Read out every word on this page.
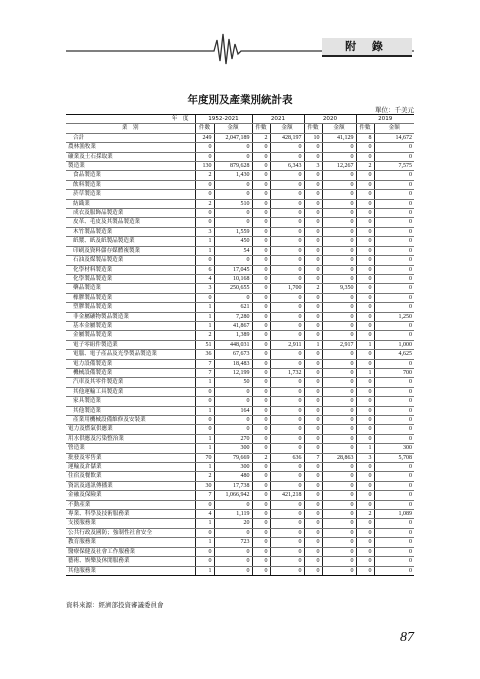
附 錄
年度別及產業別統計表
單位：千美元
年　度	1952-2021		2021		2020		2019	
業　別	件數	金額	件數	金額	件數	金額	件數	金額
合計	249	2,047,189	2	428,197	10	41,129	8	14,672
農林漁牧業	0	0	0	0	0	0	0	0
礦業及土石採取業	0	0	0	0	0	0	0	0
製造業	130	879,628	0	6,343	3	12,267	2	7,575
食品製造業	2	1,430	0	0	0	0	0	0
飲料製造業	0	0	0	0	0	0	0	0
菸草製造業	0	0	0	0	0	0	0	0
紡織業	2	510	0	0	0	0	0	0
成衣及服飾品製造業	0	0	0	0	0	0	0	0
皮革、毛皮及其製品製造業	0	0	0	0	0	0	0	0
木竹製品製造業	3	1,559	0	0	0	0	0	0
紙漿、紙及紙製品製造業	1	450	0	0	0	0	0	0
印刷及資料儲存媒體複製業	1	54	0	0	0	0	0	0
石油及煤製品製造業	0	0	0	0	0	0	0	0
化學材料製造業	6	17,045	0	0	0	0	0	0
化學製品製造業	4	10,168	0	0	0	0	0	0
藥品製造業	3	250,655	0	1,700	2	9,350	0	0
橡膠製品製造業	0	0	0	0	0	0	0	0
塑膠製品製造業	1	621	0	0	0	0	0	0
非金屬礦物製品製造業	1	7,280	0	0	0	0	0	1,250
基本金屬製造業	1	41,867	0	0	0	0	0	0
金屬製品製造業	2	1,389	0	0	0	0	0	0
電子零組件製造業	51	448,031	0	2,911	1	2,917	1	1,000
電腦、電子產品及光學製品製造業	36	67,673	0	0	0	0	0	4,625
電力設備製造業	7	18,483	0	0	0	0	0	0
機械設備製造業	7	12,199	0	1,732	0	0	1	700
汽車及其零件製造業	1	50	0	0	0	0	0	0
其他運輸工具製造業	0	0	0	0	0	0	0	0
家具製造業	0	0	0	0	0	0	0	0
其他製造業	1	164	0	0	0	0	0	0
產業用機械設備維修及安裝業	0	0	0	0	0	0	0	0
電力及燃氣供應業	0	0	0	0	0	0	0	0
用水供應及污染整治業	1	270	0	0	0	0	0	0
營造業	1	300	0	0	0	0	1	300
批發及零售業	70	79,669	2	636	7	28,863	3	5,708
運輸及倉儲業	1	300	0	0	0	0	0	0
住宿及餐飲業	2	480	0	0	0	0	0	0
資訊及通訊傳播業	30	17,738	0	0	0	0	0	0
金融及保險業	7	1,066,942	0	421,218	0	0	0	0
不動產業	0	0	0	0	0	0	0	0
專業、科學及技術服務業	4	1,119	0	0	0	0	2	1,089
支援服務業	1	20	0	0	0	0	0	0
公共行政及國防；強制性社會安全	0	0	0	0	0	0	0	0
教育服務業	1	723	0	0	0	0	0	0
醫療保健及社會工作服務業	0	0	0	0	0	0	0	0
藝術、娛樂及休閒服務業	0	0	0	0	0	0	0	0
其他服務業	1	0	0	0	0	0	0	0
資料來源：經濟部投資審議委員會
87
